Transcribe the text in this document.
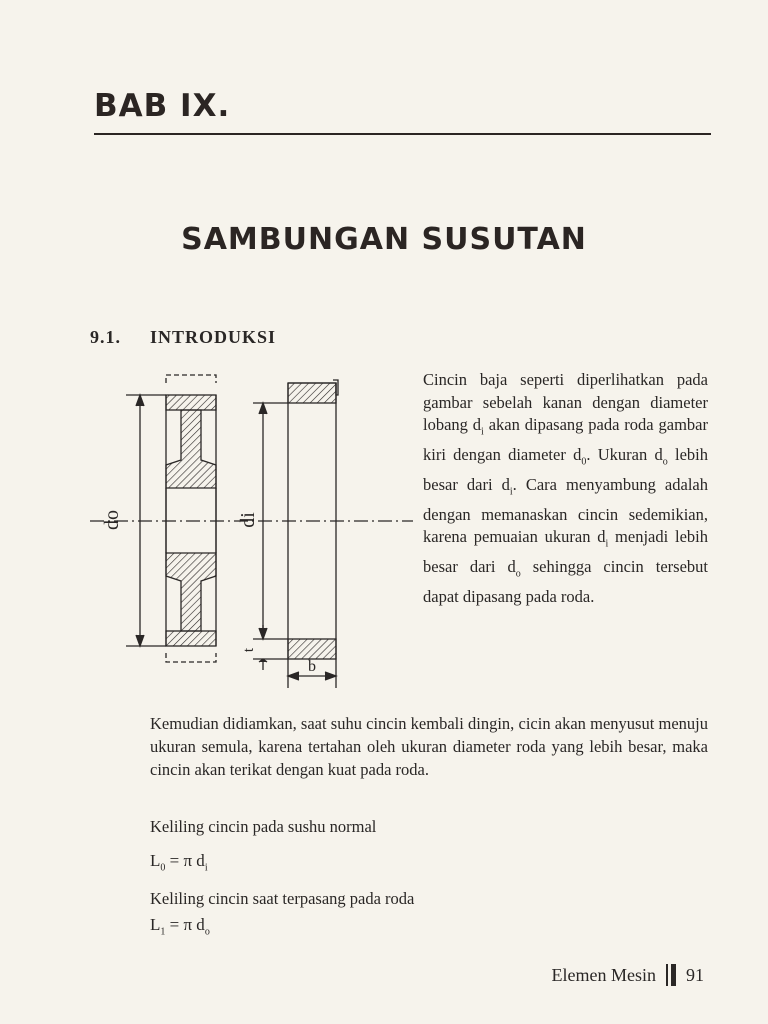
BAB IX.
SAMBUNGAN SUSUTAN
9.1. INTRODUKSI
do	di
t
b

Cincin baja seperti diperlihatkan pada gambar sebelah kanan dengan diameter lobang $d_i$ akan dipasang pada roda gambar kiri dengan diameter $d_0$. Ukuran $d_o$ lebih besar dari $d_i$. Cara menyambung adalah dengan memanaskan cincin sedemikian, karena pemuaian ukuran $d_i$ menjadi lebih besar dari $d_o$ sehingga cincin tersebut dapat dipasang pada roda.

Kemudian didiamkan, saat suhu cincin kembali dingin, cicin akan menyusut menuju ukuran semula, karena tertahan oleh ukuran diameter roda yang lebih besar, maka cincin akan terikat dengan kuat pada roda.

Keliling cincin pada sushu normal

$L_0 = \pi$ $d_i$

Keliling cincin saat terpasang pada roda

$L_1 = \pi$ $d_o$
Elemen Mesin 91
